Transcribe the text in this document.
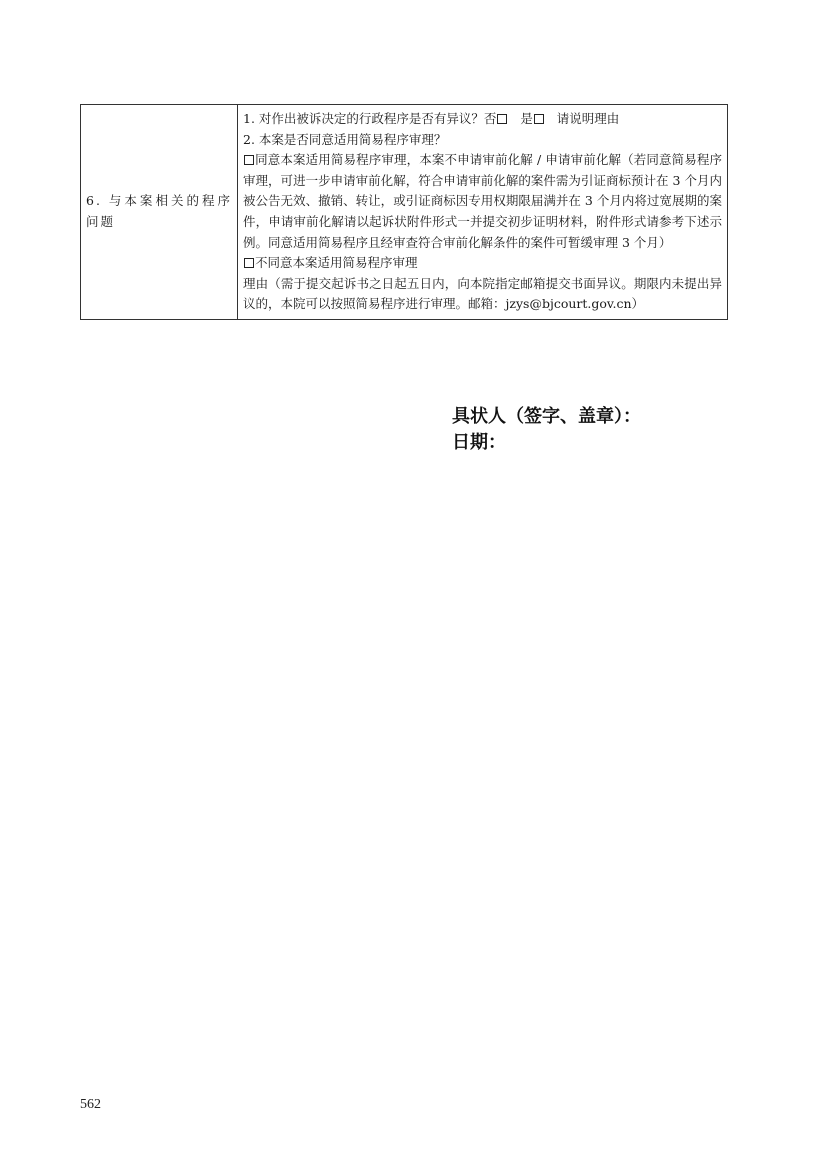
6. 与本案相关的程序问题	
1. 对作出被诉决定的行政程序是否有异议？否 是 请说明理由
2. 本案是否同意适用简易程序审理？
同意本案适用简易程序审理，本案不申请审前化解 / 申请审前化解（若同意简易程序审理，可进一步申请审前化解，符合申请审前化解的案件需为引证商标预计在 3 个月内被公告无效、撤销、转让，或引证商标因专用权期限届满并在 3 个月内将过宽展期的案件，申请审前化解请以起诉状附件形式一并提交初步证明材料，附件形式请参考下述示例。同意适用简易程序且经审查符合审前化解条件的案件可暂缓审理 3 个月）
不同意本案适用简易程序审理
理由（需于提交起诉书之日起五日内，向本院指定邮箱提交书面异议。期限内未提出异议的，本院可以按照简易程序进行审理。邮箱：jzys@bjcourt.gov.cn）
具状人（签字、盖章）：
日期：
562
